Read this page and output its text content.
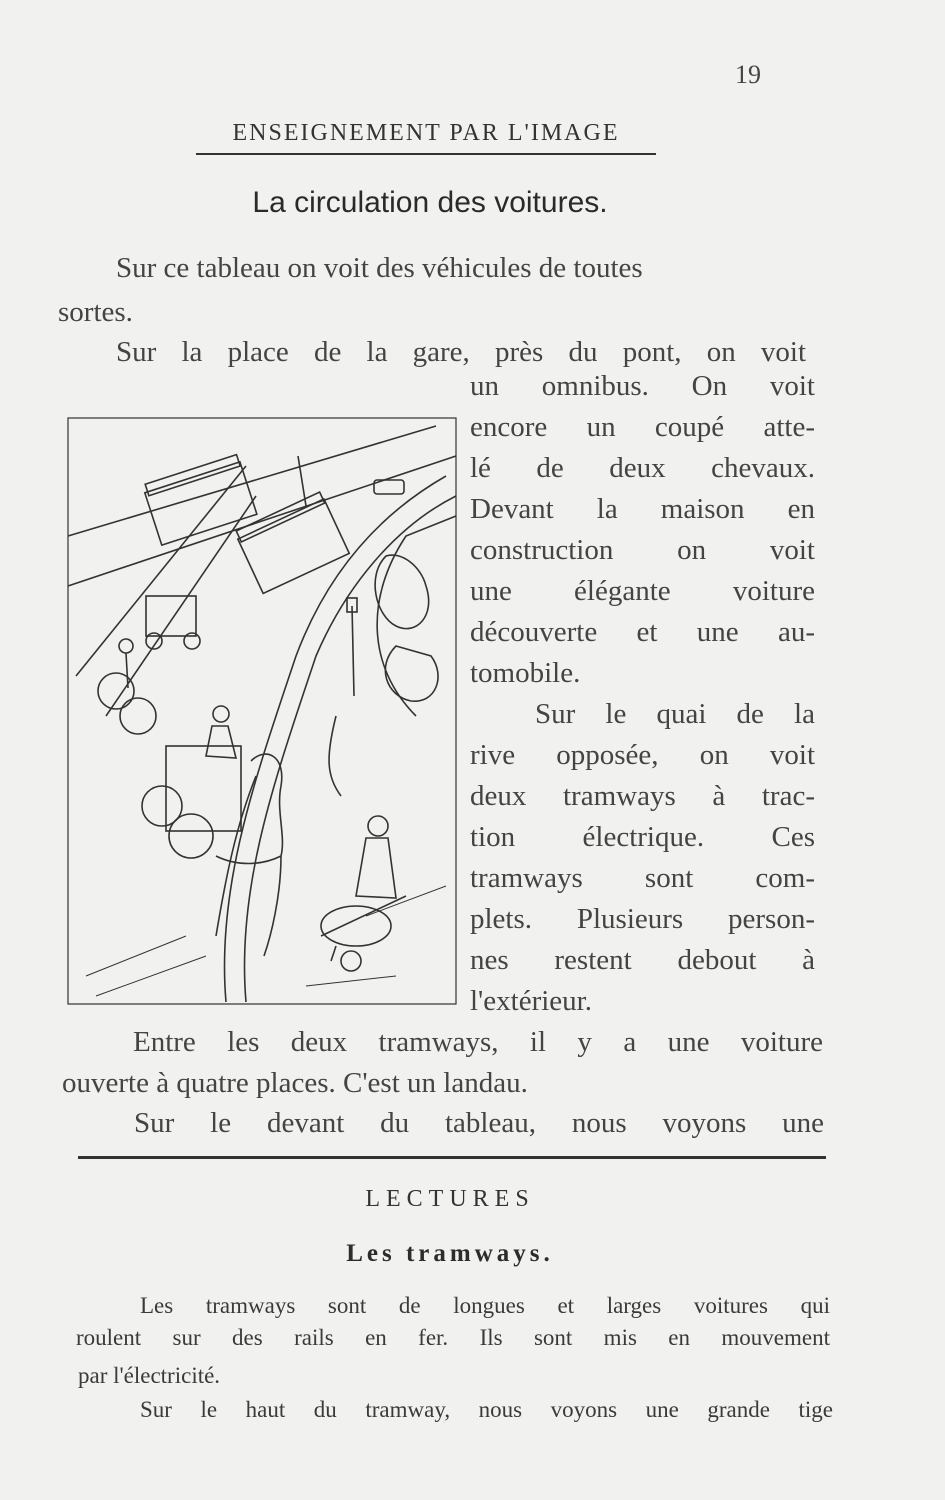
19
ENSEIGNEMENT PAR L'IMAGE
La circulation des voitures.
Sur ce tableau on voit des véhicules de toutes
sortes.
Sur la place de la gare, près du pont, on voit
un omnibus. On voit
encore un coupé atte-
lé de deux chevaux.
Devant la maison en
construction on voit
une élégante voiture
découverte et une au-
tomobile.
Sur le quai de la
rive opposée, on voit
deux tramways à trac-
tion électrique. Ces
tramways sont com-
plets. Plusieurs person-
nes restent debout à
l'extérieur.
Entre les deux tramways, il y a une voiture
ouverte à quatre places. C'est un landau.
Sur le devant du tableau, nous voyons une
LECTURES
Les tramways.
Les tramways sont de longues et larges voitures qui
roulent sur des rails en fer. Ils sont mis en mouvement
par l'électricité.
Sur le haut du tramway, nous voyons une grande tige
